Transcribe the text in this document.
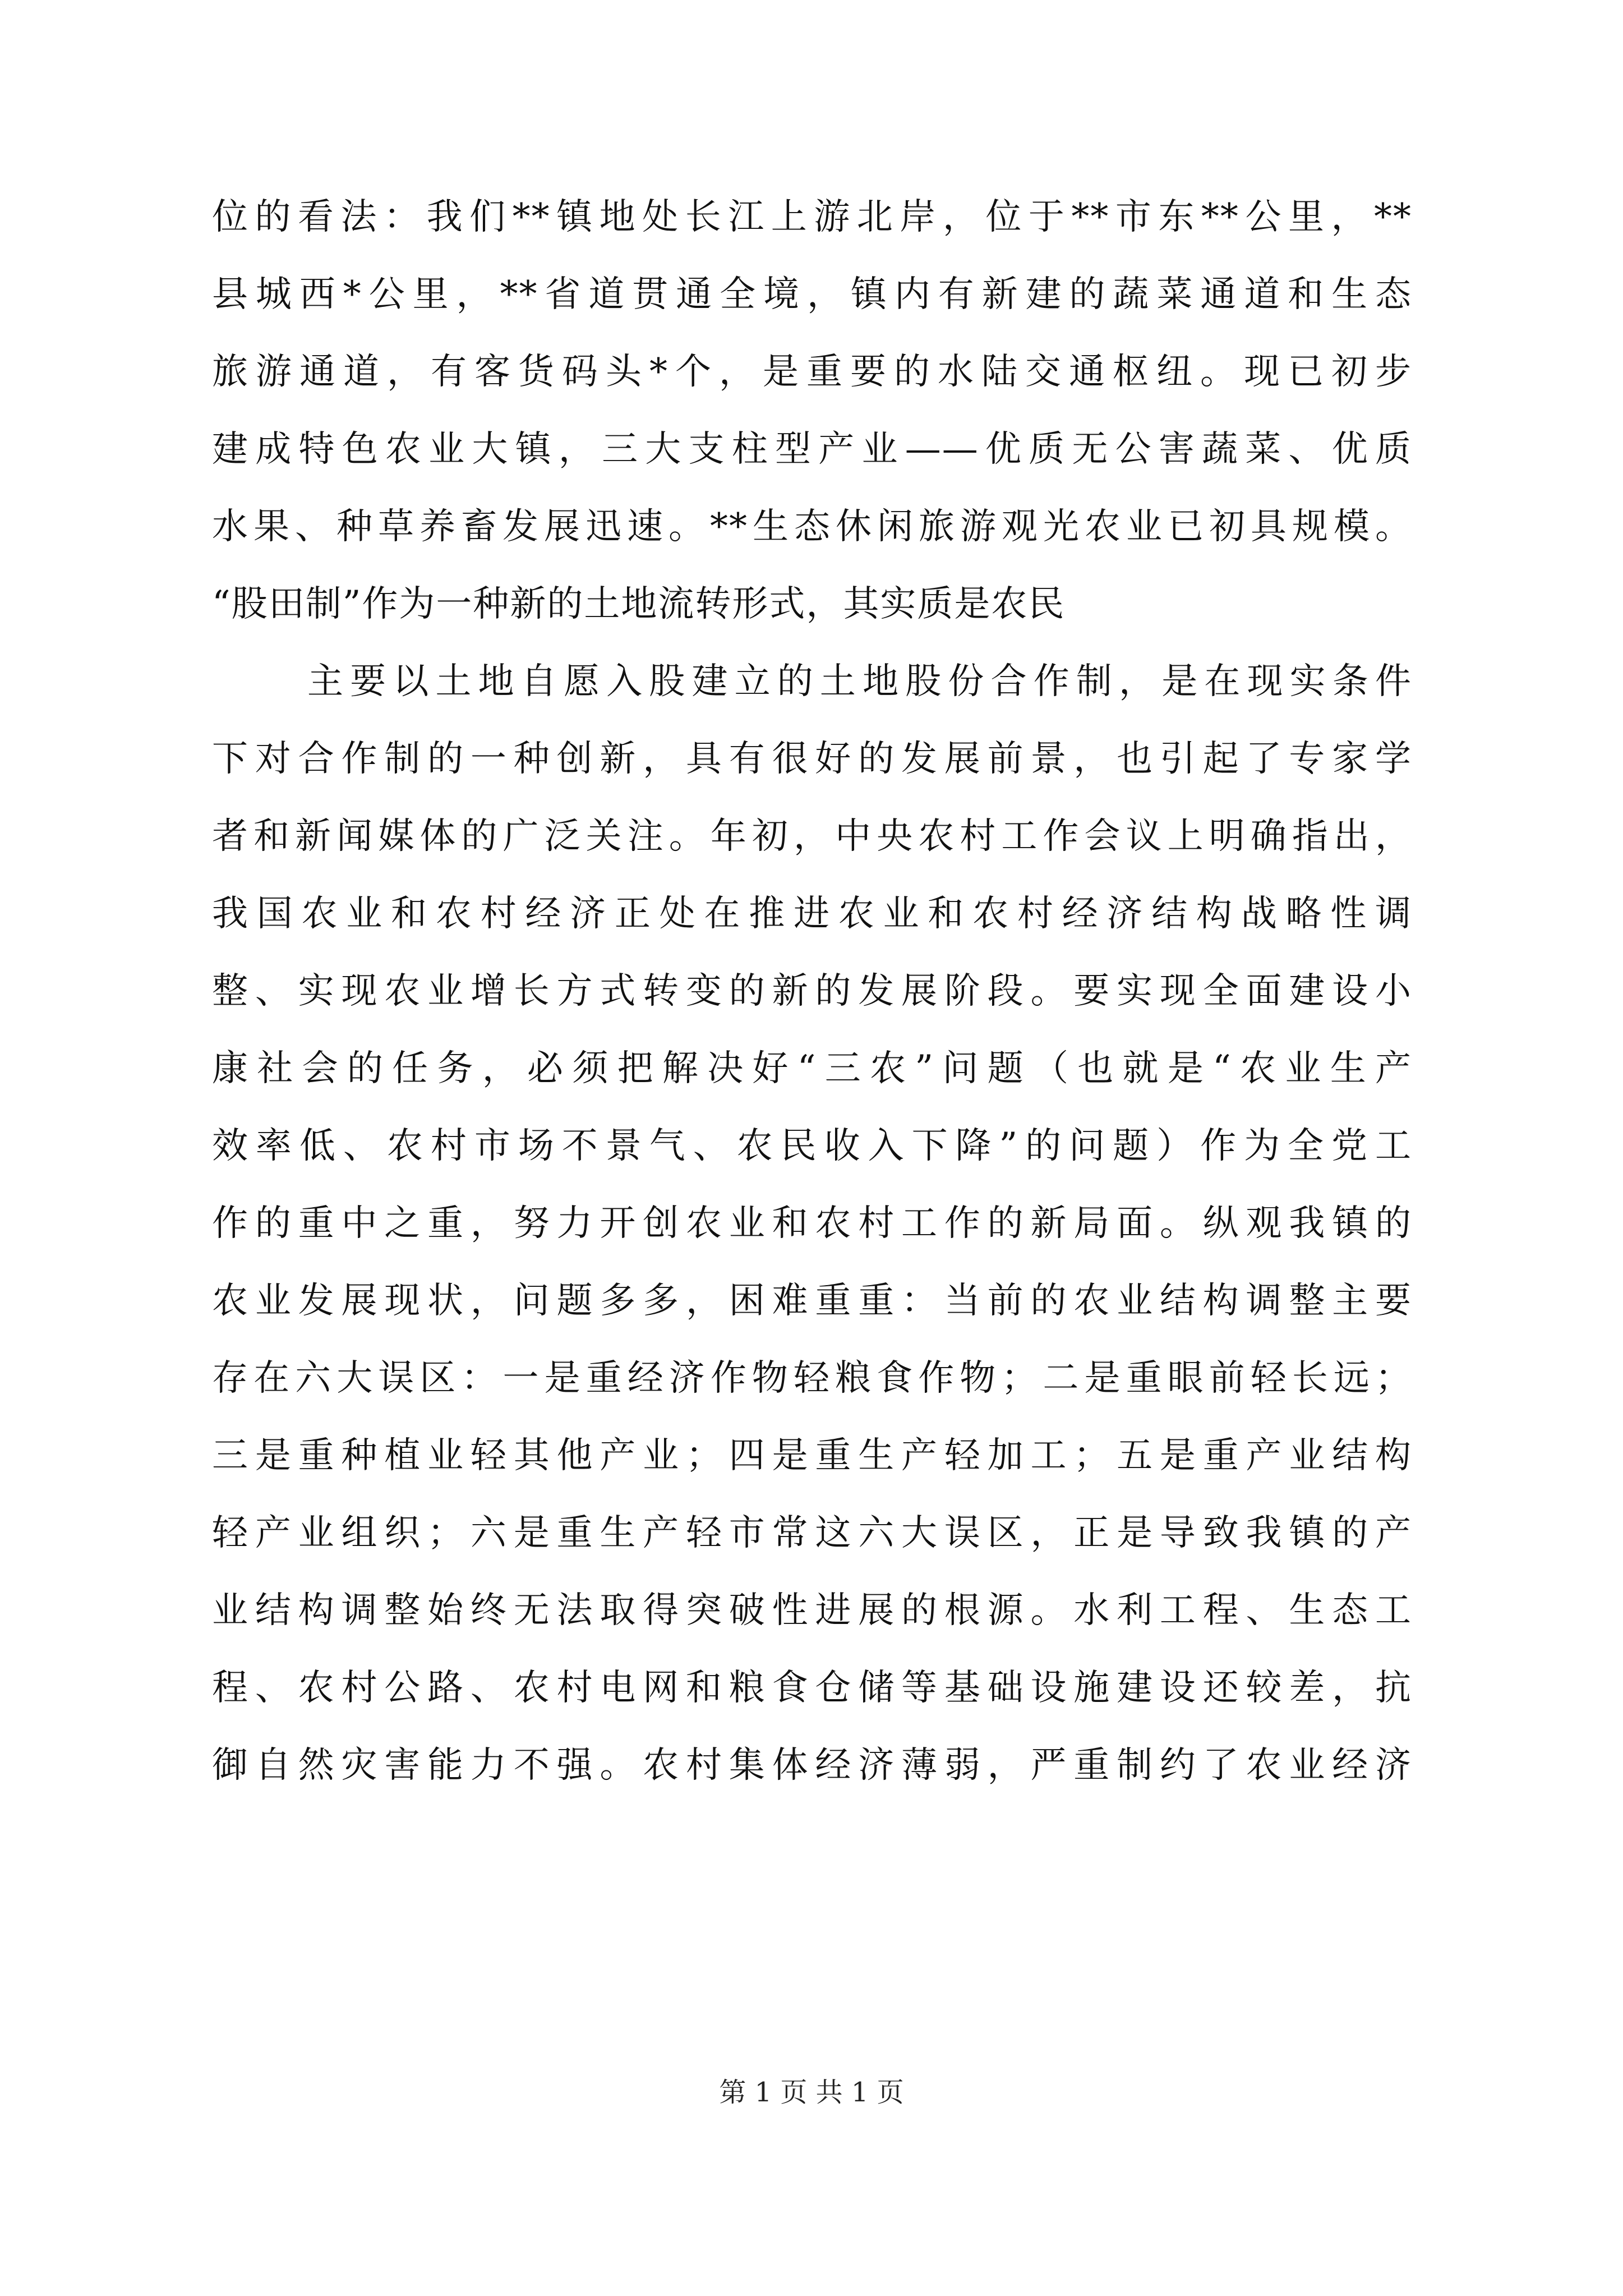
位的看法：我们**镇地处长江上游北岸，位于**市东**公里，**
县城西*公里，**省道贯通全境，镇内有新建的蔬菜通道和生态
旅游通道，有客货码头*个，是重要的水陆交通枢纽。现已初步
建成特色农业大镇，三大支柱型产业——优质无公害蔬菜、优质
水果、种草养畜发展迅速。**生态休闲旅游观光农业已初具规模。
“股田制”作为一种新的土地流转形式，其实质是农民
主要以土地自愿入股建立的土地股份合作制，是在现实条件
下对合作制的一种创新，具有很好的发展前景，也引起了专家学
者和新闻媒体的广泛关注。年初，中央农村工作会议上明确指出，
我国农业和农村经济正处在推进农业和农村经济结构战略性调
整、实现农业增长方式转变的新的发展阶段。要实现全面建设小
康社会的任务，必须把解决好“三农”问题（也就是“农业生产
效率低、农村市场不景气、农民收入下降”的问题）作为全党工
作的重中之重，努力开创农业和农村工作的新局面。纵观我镇的
农业发展现状，问题多多，困难重重：当前的农业结构调整主要
存在六大误区：一是重经济作物轻粮食作物；二是重眼前轻长远；
三是重种植业轻其他产业；四是重生产轻加工；五是重产业结构
轻产业组织；六是重生产轻市常这六大误区，正是导致我镇的产
业结构调整始终无法取得突破性进展的根源。水利工程、生态工
程、农村公路、农村电网和粮食仓储等基础设施建设还较差，抗
御自然灾害能力不强。农村集体经济薄弱，严重制约了农业经济
第 1 页 共 1 页
